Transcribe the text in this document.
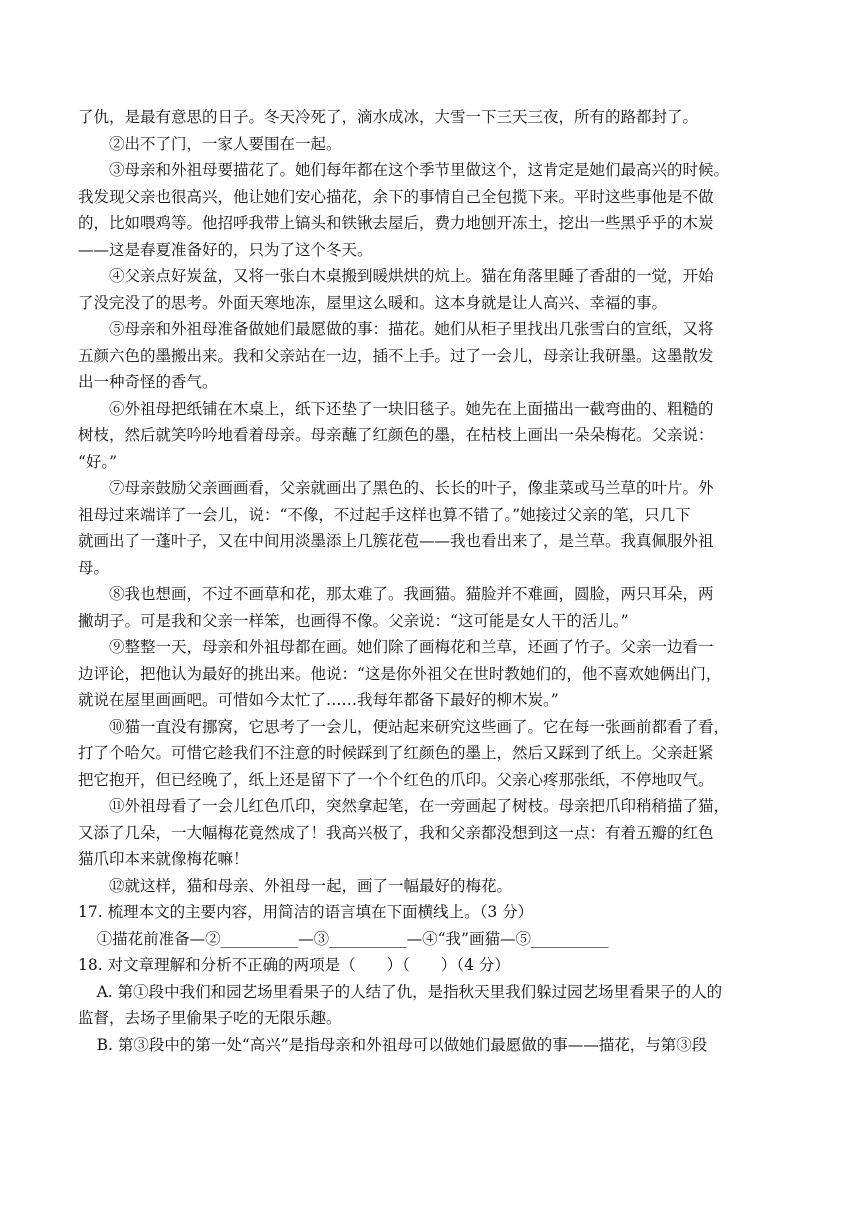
了仇，是最有意思的日子。冬天冷死了，滴水成冰，大雪一下三天三夜，所有的路都封了。
②出不了门，一家人要围在一起。
③母亲和外祖母要描花了。她们每年都在这个季节里做这个，这肯定是她们最高兴的时候。
我发现父亲也很高兴，他让她们安心描花，余下的事情自己全包揽下来。平时这些事他是不做
的，比如喂鸡等。他招呼我带上镐头和铁锹去屋后，费力地刨开冻土，挖出一些黑乎乎的木炭
——这是春夏准备好的，只为了这个冬天。
④父亲点好炭盆，又将一张白木桌搬到暖烘烘的炕上。猫在角落里睡了香甜的一觉，开始
了没完没了的思考。外面天寒地冻，屋里这么暖和。这本身就是让人高兴、幸福的事。
⑤母亲和外祖母准备做她们最愿做的事：描花。她们从柜子里找出几张雪白的宣纸，又将
五颜六色的墨搬出来。我和父亲站在一边，插不上手。过了一会儿，母亲让我研墨。这墨散发
出一种奇怪的香气。
⑥外祖母把纸铺在木桌上，纸下还垫了一块旧毯子。她先在上面描出一截弯曲的、粗糙的
树枝，然后就笑吟吟地看着母亲。母亲蘸了红颜色的墨，在枯枝上画出一朵朵梅花。父亲说：
“好。”
⑦母亲鼓励父亲画画看，父亲就画出了黑色的、长长的叶子，像韭菜或马兰草的叶片。外
祖母过来端详了一会儿，说：“不像，不过起手这样也算不错了。”她接过父亲的笔，只几下
就画出了一蓬叶子，又在中间用淡墨添上几簇花苞——我也看出来了，是兰草。我真佩服外祖
母。
⑧我也想画，不过不画草和花，那太难了。我画猫。猫脸并不难画，圆脸，两只耳朵，两
撇胡子。可是我和父亲一样笨，也画得不像。父亲说：“这可能是女人干的活儿。”
⑨整整一天，母亲和外祖母都在画。她们除了画梅花和兰草，还画了竹子。父亲一边看一
边评论，把他认为最好的挑出来。他说：“这是你外祖父在世时教她们的，他不喜欢她俩出门，
就说在屋里画画吧。可惜如今太忙了……我每年都备下最好的柳木炭。”
⑩猫一直没有挪窝，它思考了一会儿，便站起来研究这些画了。它在每一张画前都看了看，
打了个哈欠。可惜它趁我们不注意的时候踩到了红颜色的墨上，然后又踩到了纸上。父亲赶紧
把它抱开，但已经晚了，纸上还是留下了一个个红色的爪印。父亲心疼那张纸，不停地叹气。
⑪外祖母看了一会儿红色爪印，突然拿起笔，在一旁画起了树枝。母亲把爪印稍稍描了猫，
又添了几朵，一大幅梅花竟然成了！我高兴极了，我和父亲都没想到这一点：有着五瓣的红色
猫爪印本来就像梅花嘛！
⑫就这样，猫和母亲、外祖母一起，画了一幅最好的梅花。
17. 梳理本文的主要内容，用简洁的语言填在下面横线上。（3 分）
①描花前准备—②__________—③__________—④“我”画猫—⑤__________
18. 对文章理解和分析不正确的两项是（　　）（　　）（4 分）
A. 第①段中我们和园艺场里看果子的人结了仇，是指秋天里我们躲过园艺场里看果子的人的
监督，去场子里偷果子吃的无限乐趣。
B. 第③段中的第一处“高兴”是指母亲和外祖母可以做她们最愿做的事——描花，与第③段
